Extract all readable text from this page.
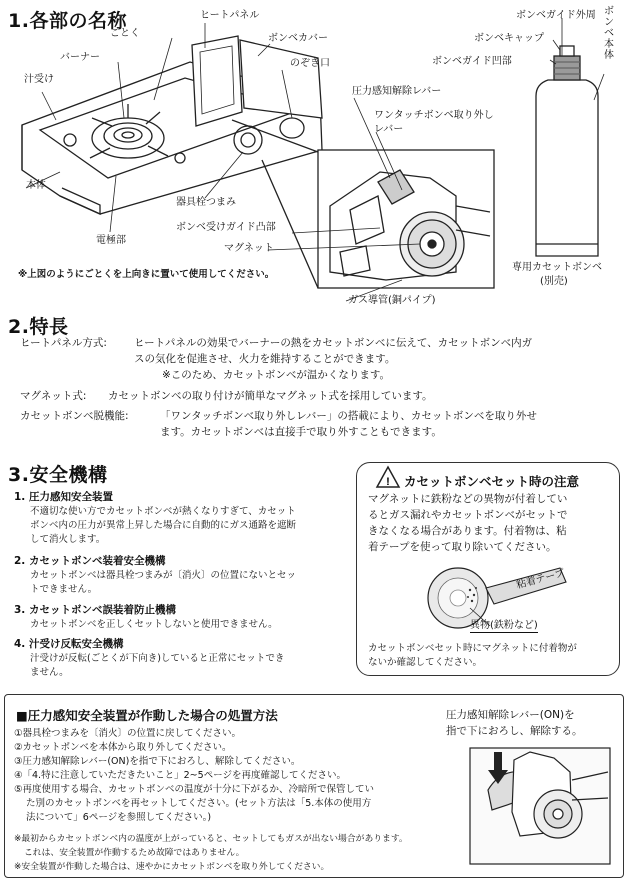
1.各部の名称	ヒートパネル
ごとく
バーナー
ボンベカバー
汁受け
のぞき口
本体
器具栓つまみ
電極部
圧力感知解除レバー
ワンタッチボンベ取り外し
レバー
ボンベ受けガイド凸部
マグネット
ガス導管(銅パイプ)
ボンベガイド外周
ボンベキャップ
ボンベガイド凹部
ボンベ本体
専用カセットボンベ
(別売)
※上図のようにごとくを上向きに置いて使用してください。
2.特長
ヒートパネル方式:	ヒートパネルの効果でバーナーの熱をカセットボンベに伝えて、カセットボンベ内ガ
スの気化を促進させ、火力を維持することができます。
※このため、カセットボンベが温かくなります。
マグネット式: カセットボンベの取り付けが簡単なマグネット式を採用しています。
カセットボンベ脱機能:	「ワンタッチボンベ取り外しレバー」の搭載により、カセットボンベを取り外せ
ます。カセットボンベは直接手で取り外すこともできます。
3.安全機構
1. 圧力感知安全装置
不適切な使い方でカセットボンベが熱くなりすぎて、カセット
ボンベ内の圧力が異常上昇した場合に自動的にガス通路を遮断
して消火します。
2. カセットボンベ装着安全機構
カセットボンベは器具栓つまみが〔消火〕の位置にないとセッ
トできません。
3. カセットボンベ誤装着防止機構
カセットボンベを正しくセットしないと使用できません。
4. 汁受け反転安全機構
汁受けが反転(ごとくが下向き)していると正常にセットでき
ません。
! カセットボンベセット時の注意
マグネットに鉄粉などの異物が付着してい
るとガス漏れやカセットボンベがセットで
きなくなる場合があります。付着物は、粘
着テープを使って取り除いてください。
粘着テープ
異物(鉄粉など)
カセットボンベセット時にマグネットに付着物が
ないか確認してください。
■圧力感知安全装置が作動した場合の処置方法
①器具栓つまみを〔消火〕の位置に戻してください。
②カセットボンベを本体から取り外してください。
③圧力感知解除レバー(ON)を指で下におろし、解除してください。
④「4.特に注意していただきたいこと」2~5ページを再度確認してください。
⑤再度使用する場合、カセットボンベの温度が十分に下がるか、冷暗所で保管してい
た別のカセットボンベを再セットしてください。(セット方法は「5.本体の使用方
法について」6ページを参照してください。)
※最初からカセットボンベ内の温度が上がっていると、セットしてもガスが出ない場合があります。
これは、安全装置が作動するため故障ではありません。
※安全装置が作動した場合は、速やかにカセットボンベを取り外してください。
圧力感知解除レバー(ON)を
指で下におろし、解除する。
